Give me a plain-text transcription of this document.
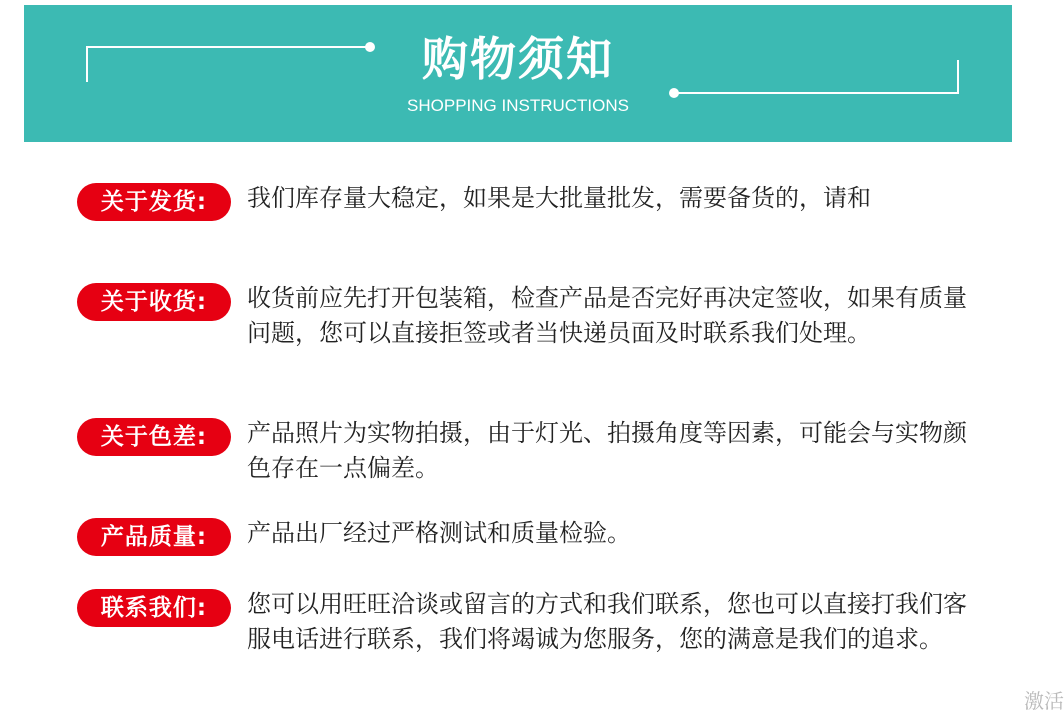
购物须知
SHOPPING INSTRUCTIONS
关于发货:	我们库存量大稳定，如果是大批量批发，需要备货的，请和
关于收货:	收货前应先打开包装箱，检查产品是否完好再决定签收，如果有质量问题，您可以直接拒签或者当快递员面及时联系我们处理。
关于色差:	产品照片为实物拍摄，由于灯光、拍摄角度等因素，可能会与实物颜色存在一点偏差。
产品质量:	产品出厂经过严格测试和质量检验。
联系我们:	您可以用旺旺洽谈或留言的方式和我们联系，您也可以直接打我们客服电话进行联系，我们将竭诚为您服务，您的满意是我们的追求。
激活
